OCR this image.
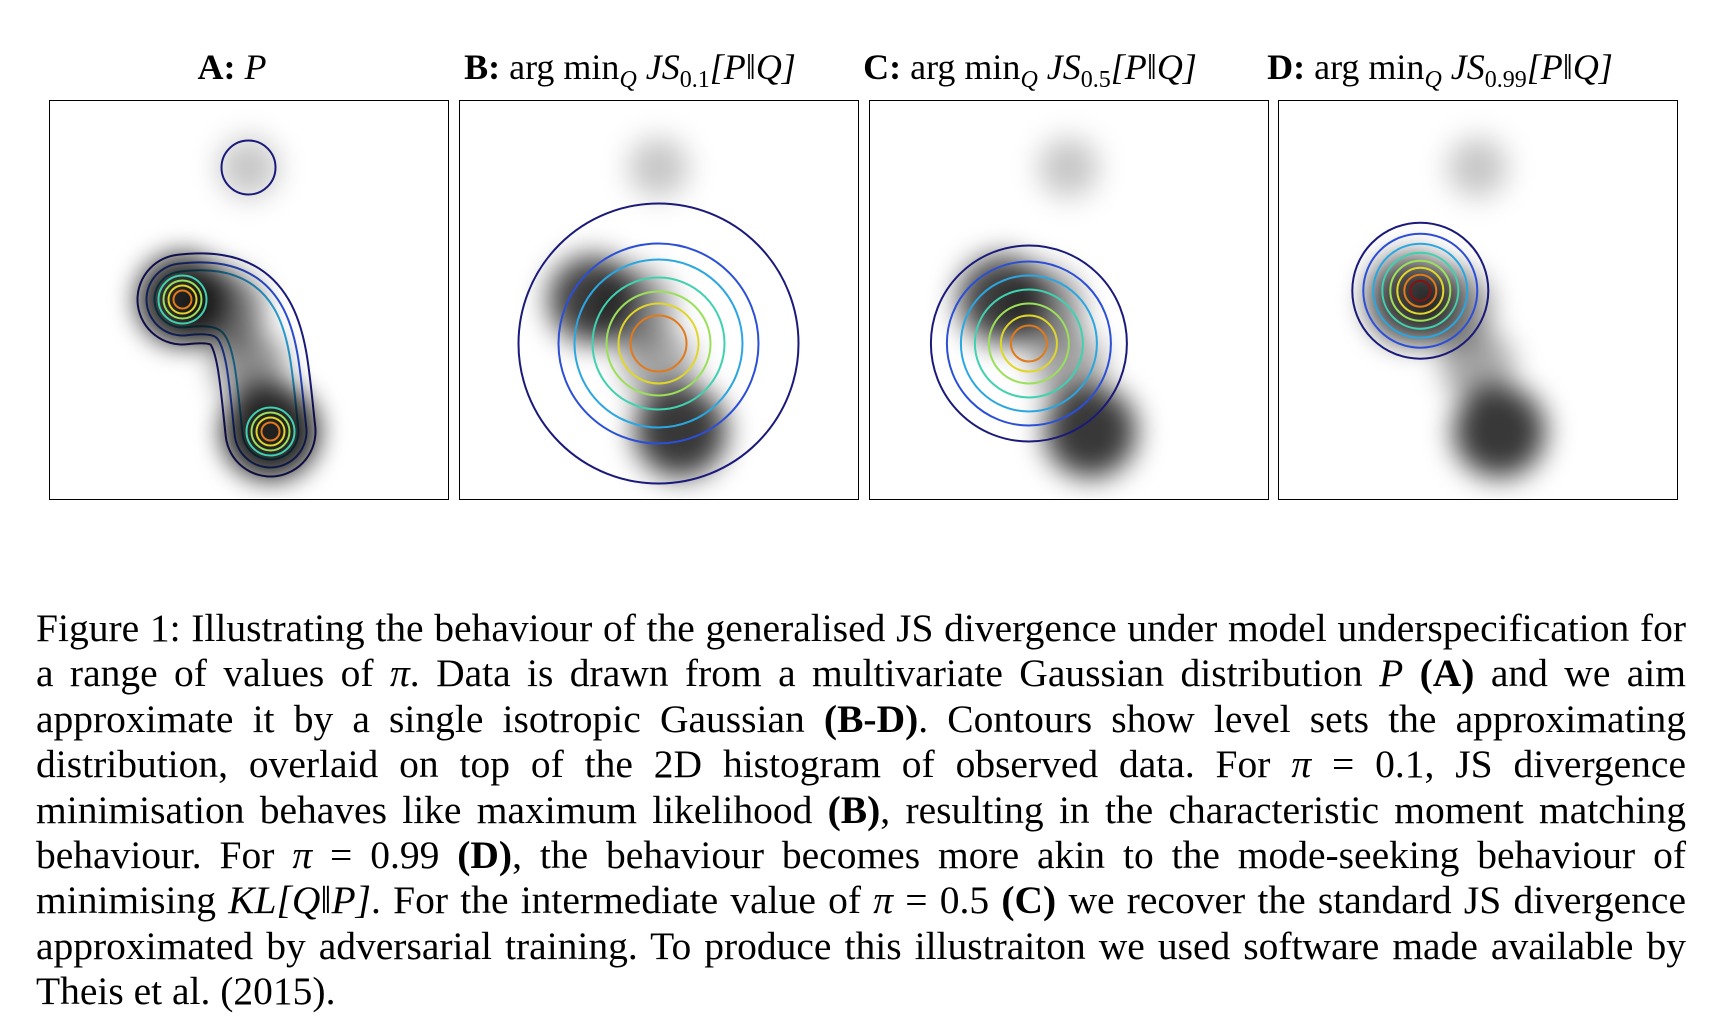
A: P	B: arg $\min_Q$ $JS_{0.1}[P‖Q]$	C: arg $\min_Q$ $JS_{0.5}[P‖Q]$	D: arg $\min_Q$ $JS_{0.99}[P‖Q]$
Figure 1: Illustrating the behaviour of the generalised JS divergence under model underspecification for a range of values of π. Data is drawn from a multivariate Gaussian distribution P (A) and we aim approximate it by a single isotropic Gaussian (B-D). Contours show level sets the approximating distribution, overlaid on top of the 2D histogram of observed data. For π = 0.1, JS divergence minimisation behaves like maximum likelihood (B), resulting in the characteristic moment matching behaviour. For π = 0.99 (D), the behaviour becomes more akin to the mode-seeking behaviour of minimising KL[Q‖P]. For the intermediate value of π = 0.5 (C) we recover the standard JS divergence approximated by adversarial training. To produce this illustraiton we used software made available by Theis et al. (2015).
